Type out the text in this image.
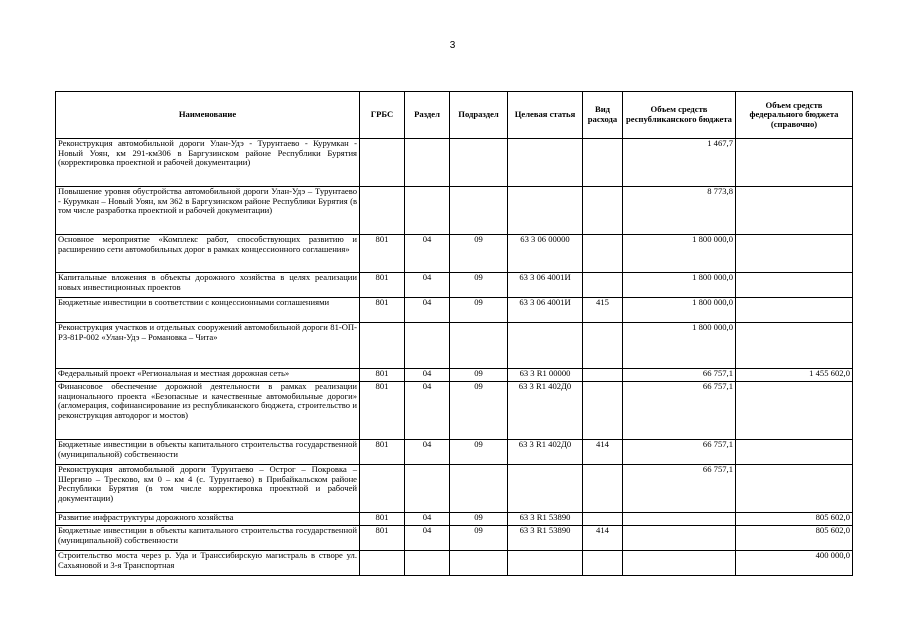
3
Наименование	ГРБС	Раздел	Подраздел	Целевая статья	Вид расхода	Объем средств республиканского бюджета	Объем средств федерального бюджета (справочно)
Реконструкция автомобильной дороги Улан-Удэ - Турунтаево - Курумкан - Новый Уоян, км 291-км306 в Баргузинском районе Республики Бурятия (корректировка проектной и рабочей документации)						1 467,7	
Повышение уровня обустройства автомобильной дороги Улан-Удэ – Турунтаево - Курумкан – Новый Уоян, км 362 в Баргузинском районе Республики Бурятия (в том числе разработка проектной и рабочей документации)						8 773,8	
Основное мероприятие «Комплекс работ, способствующих развитию и расширению сети автомобильных дорог в рамках концессионного соглашения»	801	04	09	63 3 06 00000		1 800 000,0	
Капитальные вложения в объекты дорожного хозяйства в целях реализации новых инвестиционных проектов	801	04	09	63 3 06 4001И		1 800 000,0	
Бюджетные инвестиции в соответствии с концессионными соглашениями	801	04	09	63 3 06 4001И	415	1 800 000,0	
Реконструкция участков и отдельных сооружений автомобильной дороги 81-ОП-РЗ-81Р-002 «Улан-Удэ – Романовка – Чита»						1 800 000,0	
Федеральный проект «Региональная и местная дорожная сеть»	801	04	09	63 3 R1 00000		66 757,1	1 455 602,0
Финансовое обеспечение дорожной деятельности в рамках реализации национального проекта «Безопасные и качественные автомобильные дороги» (агломерация, софинансирование из республиканского бюджета, строительство и реконструкция автодорог и мостов)	801	04	09	63 3 R1 402Д0		66 757,1	
Бюджетные инвестиции в объекты капитального строительства государственной (муниципальной) собственности	801	04	09	63 3 R1 402Д0	414	66 757,1	
Реконструкция автомобильной дороги Турунтаево – Острог – Покровка – Шергино – Тресково, км 0 – км 4 (с. Турунтаево) в Прибайкальском районе Республики Бурятия (в том числе корректировка проектной и рабочей документации)						66 757,1	
Развитие инфраструктуры дорожного хозяйства	801	04	09	63 3 R1 53890			805 602,0
Бюджетные инвестиции в объекты капитального строительства государственной (муниципальной) собственности	801	04	09	63 3 R1 53890	414		805 602,0
Строительство моста через р. Уда и Транссибирскую магистраль в створе ул. Сахьяновой и 3-я Транспортная							400 000,0
